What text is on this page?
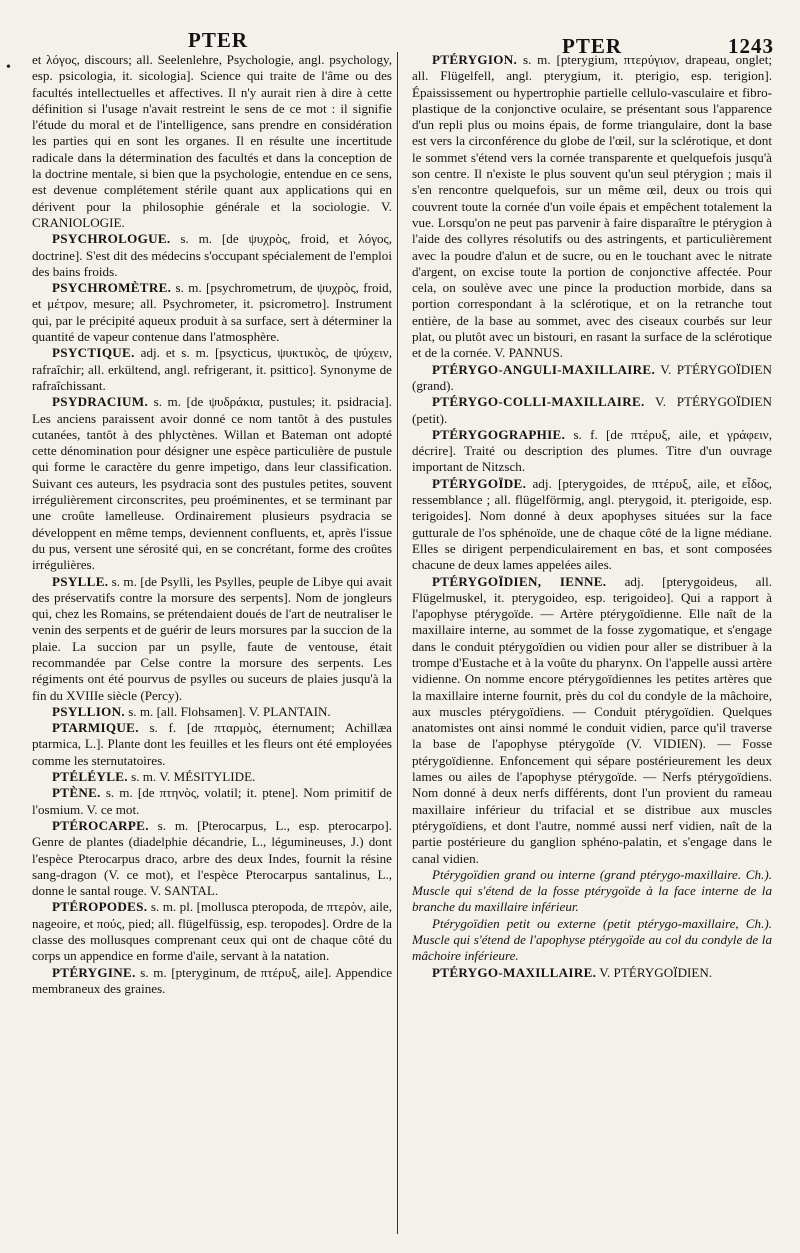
PTER	PTER	1243
•

et λόγος, discours; all. Seelenlehre, Psychologie, angl. psychology, esp. psicologia, it. sicologia]. Science qui traite de l'âme ou des facultés intellectuelles et affectives. Il n'y aurait rien à dire à cette définition si l'usage n'avait restreint le sens de ce mot : il signifie l'étude du moral et de l'intelligence, sans prendre en considération les parties qui en sont les organes. Il en résulte une incertitude radicale dans la détermination des facultés et dans la conception de la doctrine mentale, si bien que la psychologie, entendue en ce sens, est devenue complétement stérile quant aux applications qui en dérivent pour la philosophie générale et la sociologie. V. CRANIOLOGIE.

PSYCHROLOGUE. s. m. [de ψυχρὸς, froid, et λόγος, doctrine]. S'est dit des médecins s'occupant spécialement de l'emploi des bains froids.

PSYCHROMÈTRE. s. m. [psychrometrum, de ψυχρὸς, froid, et μέτρον, mesure; all. Psychrometer, it. psicrometro]. Instrument qui, par le précipité aqueux produit à sa surface, sert à déterminer la quantité de vapeur contenue dans l'atmosphère.

PSYCTIQUE. adj. et s. m. [psycticus, ψυκτικὸς, de ψύχειν, rafraîchir; all. erkültend, angl. refrigerant, it. psittico]. Synonyme de rafraîchissant.

PSYDRACIUM. s. m. [de ψυδράκια, pustules; it. psidracia]. Les anciens paraissent avoir donné ce nom tantôt à des pustules cutanées, tantôt à des phlyctènes. Willan et Bateman ont adopté cette dénomination pour désigner une espèce particulière de pustule qui forme le caractère du genre impetigo, dans leur classification. Suivant ces auteurs, les psydracia sont des pustules petites, souvent irrégulièrement circonscrites, peu proéminentes, et se terminant par une croûte lamelleuse. Ordinairement plusieurs psydracia se développent en même temps, deviennent confluents, et, après l'issue du pus, versent une sérosité qui, en se concrétant, forme des croûtes irrégulières.

PSYLLE. s. m. [de Psylli, les Psylles, peuple de Libye qui avait des préservatifs contre la morsure des serpents]. Nom de jongleurs qui, chez les Romains, se prétendaient doués de l'art de neutraliser le venin des serpents et de guérir de leurs morsures par la succion de la plaie. La succion par un psylle, faute de ventouse, était recommandée par Celse contre la morsure des serpents. Les régiments ont été pourvus de psylles ou suceurs de plaies jusqu'à la fin du XVIIIe siècle (Percy).

PSYLLION. s. m. [all. Flohsamen]. V. PLANTAIN.

PTARMIQUE. s. f. [de πταρμὸς, éternument; Achillæa ptarmica, L.]. Plante dont les feuilles et les fleurs ont été employées comme les sternutatoires.

PTÉLÉYLE. s. m. V. MÉSITYLIDE.

PTÈNE. s. m. [de πτηνὸς, volatil; it. ptene]. Nom primitif de l'osmium. V. ce mot.

PTÉROCARPE. s. m. [Pterocarpus, L., esp. pterocarpo]. Genre de plantes (diadelphie décandrie, L., légumineuses, J.) dont l'espèce Pterocarpus draco, arbre des deux Indes, fournit la résine sang-dragon (V. ce mot), et l'espèce Pterocarpus santalinus, L., donne le santal rouge. V. SANTAL.

PTÉROPODES. s. m. pl. [mollusca pteropoda, de πτερὸν, aile, nageoire, et πούς, pied; all. flügelfüssig, esp. teropodes]. Ordre de la classe des mollusques comprenant ceux qui ont de chaque côté du corps un appendice en forme d'aile, servant à la natation.

PTÉRYGINE. s. m. [pteryginum, de πτέρυξ, aile]. Appendice membraneux des graines.

PTÉRYGION. s. m. [pterygium, πτερύγιον, drapeau, onglet; all. Flügelfell, angl. pterygium, it. pterigio, esp. terigion]. Épaississement ou hypertrophie partielle cellulo-vasculaire et fibro-plastique de la conjonctive oculaire, se présentant sous l'apparence d'un repli plus ou moins épais, de forme triangulaire, dont la base est vers la circonférence du globe de l'œil, sur la sclérotique, et dont le sommet s'étend vers la cornée transparente et quelquefois jusqu'à son centre. Il n'existe le plus souvent qu'un seul ptérygion ; mais il s'en rencontre quelquefois, sur un même œil, deux ou trois qui couvrent toute la cornée d'un voile épais et empêchent totalement la vue. Lorsqu'on ne peut pas parvenir à faire disparaître le ptérygion à l'aide des collyres résolutifs ou des astringents, et particulièrement avec la poudre d'alun et de sucre, ou en le touchant avec le nitrate d'argent, on excise toute la portion de conjonctive affectée. Pour cela, on soulève avec une pince la production morbide, dans sa portion correspondant à la sclérotique, et on la retranche tout entière, de la base au sommet, avec des ciseaux courbés sur leur plat, ou plutôt avec un bistouri, en rasant la surface de la sclérotique et de la cornée. V. PANNUS.

PTÉRYGO-ANGULI-MAXILLAIRE. V. PTÉRYGOÏDIEN (grand).

PTÉRYGO-COLLI-MAXILLAIRE. V. PTÉRYGOÏDIEN (petit).

PTÉRYGOGRAPHIE. s. f. [de πτέρυξ, aile, et γράφειν, décrire]. Traité ou description des plumes. Titre d'un ouvrage important de Nitzsch.

PTÉRYGOÏDE. adj. [pterygoides, de πτέρυξ, aile, et εἶδος, ressemblance ; all. flügelförmig, angl. pterygoid, it. pterigoide, esp. terigoides]. Nom donné à deux apophyses situées sur la face gutturale de l'os sphénoïde, une de chaque côté de la ligne médiane. Elles se dirigent perpendiculairement en bas, et sont composées chacune de deux lames appelées ailes.

PTÉRYGOÏDIEN, IENNE. adj. [pterygoideus, all. Flügelmuskel, it. pterygoideo, esp. terigoideo]. Qui a rapport à l'apophyse ptérygoïde. — Artère ptérygoïdienne. Elle naît de la maxillaire interne, au sommet de la fosse zygomatique, et s'engage dans le conduit ptérygoïdien ou vidien pour aller se distribuer à la trompe d'Eustache et à la voûte du pharynx. On l'appelle aussi artère vidienne. On nomme encore ptérygoïdiennes les petites artères que la maxillaire interne fournit, près du col du condyle de la mâchoire, aux muscles ptérygoïdiens. — Conduit ptérygoïdien. Quelques anatomistes ont ainsi nommé le conduit vidien, parce qu'il traverse la base de l'apophyse ptérygoïde (V. VIDIEN). — Fosse ptérygoïdienne. Enfoncement qui sépare postérieurement les deux lames ou ailes de l'apophyse ptérygoïde. — Nerfs ptérygoïdiens. Nom donné à deux nerfs différents, dont l'un provient du rameau maxillaire inférieur du trifacial et se distribue aux muscles ptérygoïdiens, et dont l'autre, nommé aussi nerf vidien, naît de la partie postérieure du ganglion sphéno-palatin, et s'engage dans le canal vidien.

Ptérygoïdien grand ou interne (grand ptérygo-maxillaire. Ch.). Muscle qui s'étend de la fosse ptérygoïde à la face interne de la branche du maxillaire inférieur.

Ptérygoïdien petit ou externe (petit ptérygo-maxillaire, Ch.). Muscle qui s'étend de l'apophyse ptérygoïde au col du condyle de la mâchoire inférieure.

PTÉRYGO-MAXILLAIRE. V. PTÉRYGOÏDIEN.
